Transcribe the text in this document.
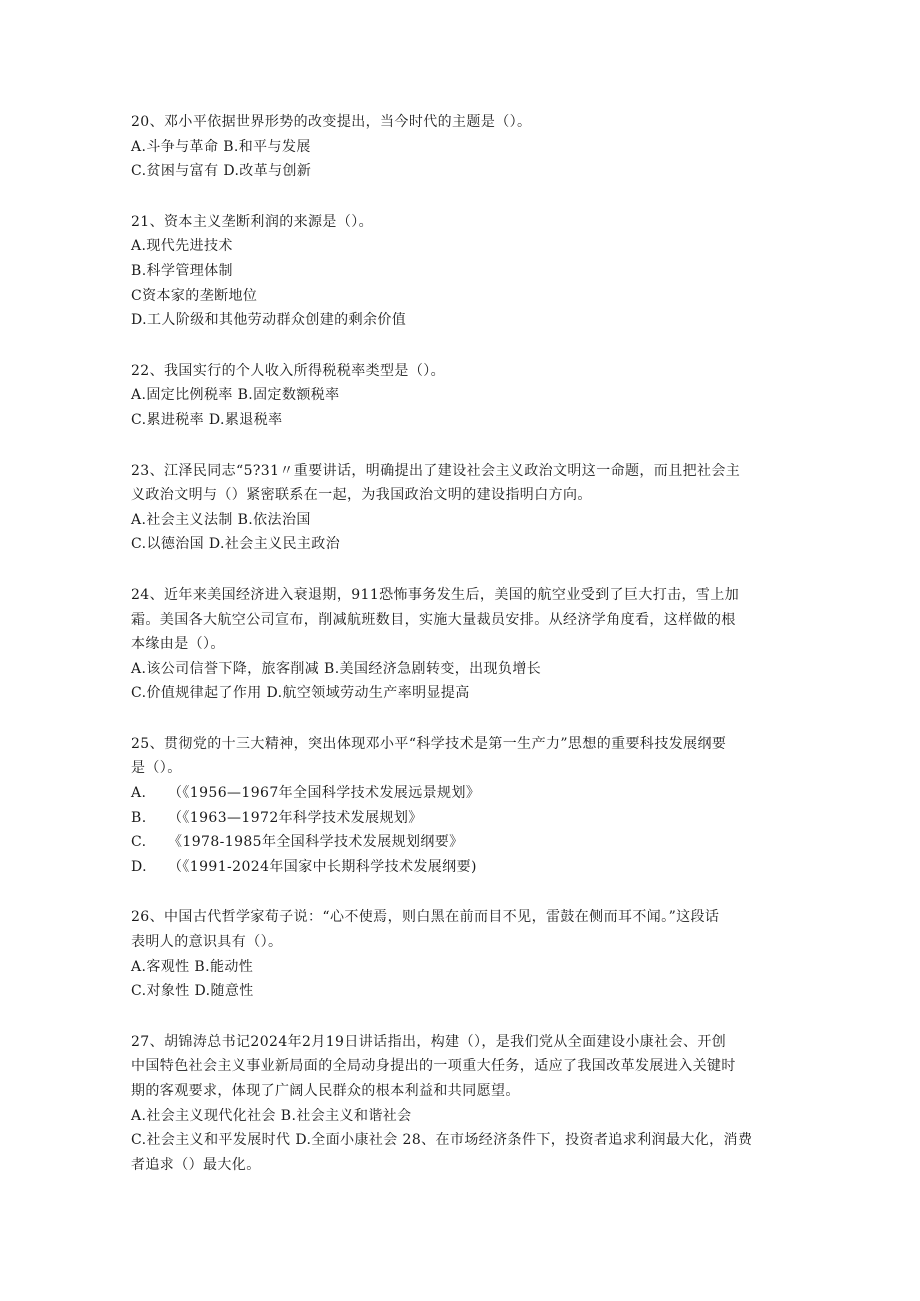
20、邓小平依据世界形势的改变提出，当今时代的主题是（）。
A.斗争与革命 B.和平与发展
C.贫困与富有 D.改革与创新
21、资本主义垄断利润的来源是（）。
A.现代先进技术
B.科学管理体制
C资本家的垄断地位
D.工人阶级和其他劳动群众创建的剩余价值
22、我国实行的个人收入所得税税率类型是（）。
A.固定比例税率 B.固定数额税率
C.累进税率 D.累退税率
23、江泽民同志“5?31〃重要讲话，明确提出了建设社会主义政治文明这一命题，而且把社会主
义政治文明与（）紧密联系在一起，为我国政治文明的建设指明白方向。
A.社会主义法制 B.依法治国
C.以德治国 D.社会主义民主政治
24、近年来美国经济进入衰退期，911恐怖事务发生后，美国的航空业受到了巨大打击，雪上加
霜。美国各大航空公司宣布，削减航班数目，实施大量裁员安排。从经济学角度看，这样做的根
本缘由是（）。
A.该公司信誉下降，旅客削减 B.美国经济急剧转变，出现负增长
C.价值规律起了作用 D.航空领域劳动生产率明显提高
25、贯彻党的十三大精神，突出体现邓小平“科学技术是第一生产力”思想的重要科技发展纲要
是（）。
A.	（《1956—1967年全国科学技术发展远景规划》
B.	（《1963—1972年科学技术发展规划》
C.	《1978-1985年全国科学技术发展规划纲要》
D.	（《1991-2024年国家中长期科学技术发展纲要)
26、中国古代哲学家荀子说：“心不使焉，则白黑在前而目不见，雷鼓在侧而耳不闻。”这段话
表明人的意识具有（）。
A.客观性 B.能动性
C.对象性 D.随意性
27、胡锦涛总书记2024年2月19日讲话指出，构建（），是我们党从全面建设小康社会、开创
中国特色社会主义事业新局面的全局动身提出的一项重大任务，适应了我国改革发展进入关键时
期的客观要求，体现了广阔人民群众的根本利益和共同愿望。
A.社会主义现代化社会 B.社会主义和谐社会
C.社会主义和平发展时代 D.全面小康社会 28、在市场经济条件下，投资者追求利润最大化，消费
者追求（）最大化。
